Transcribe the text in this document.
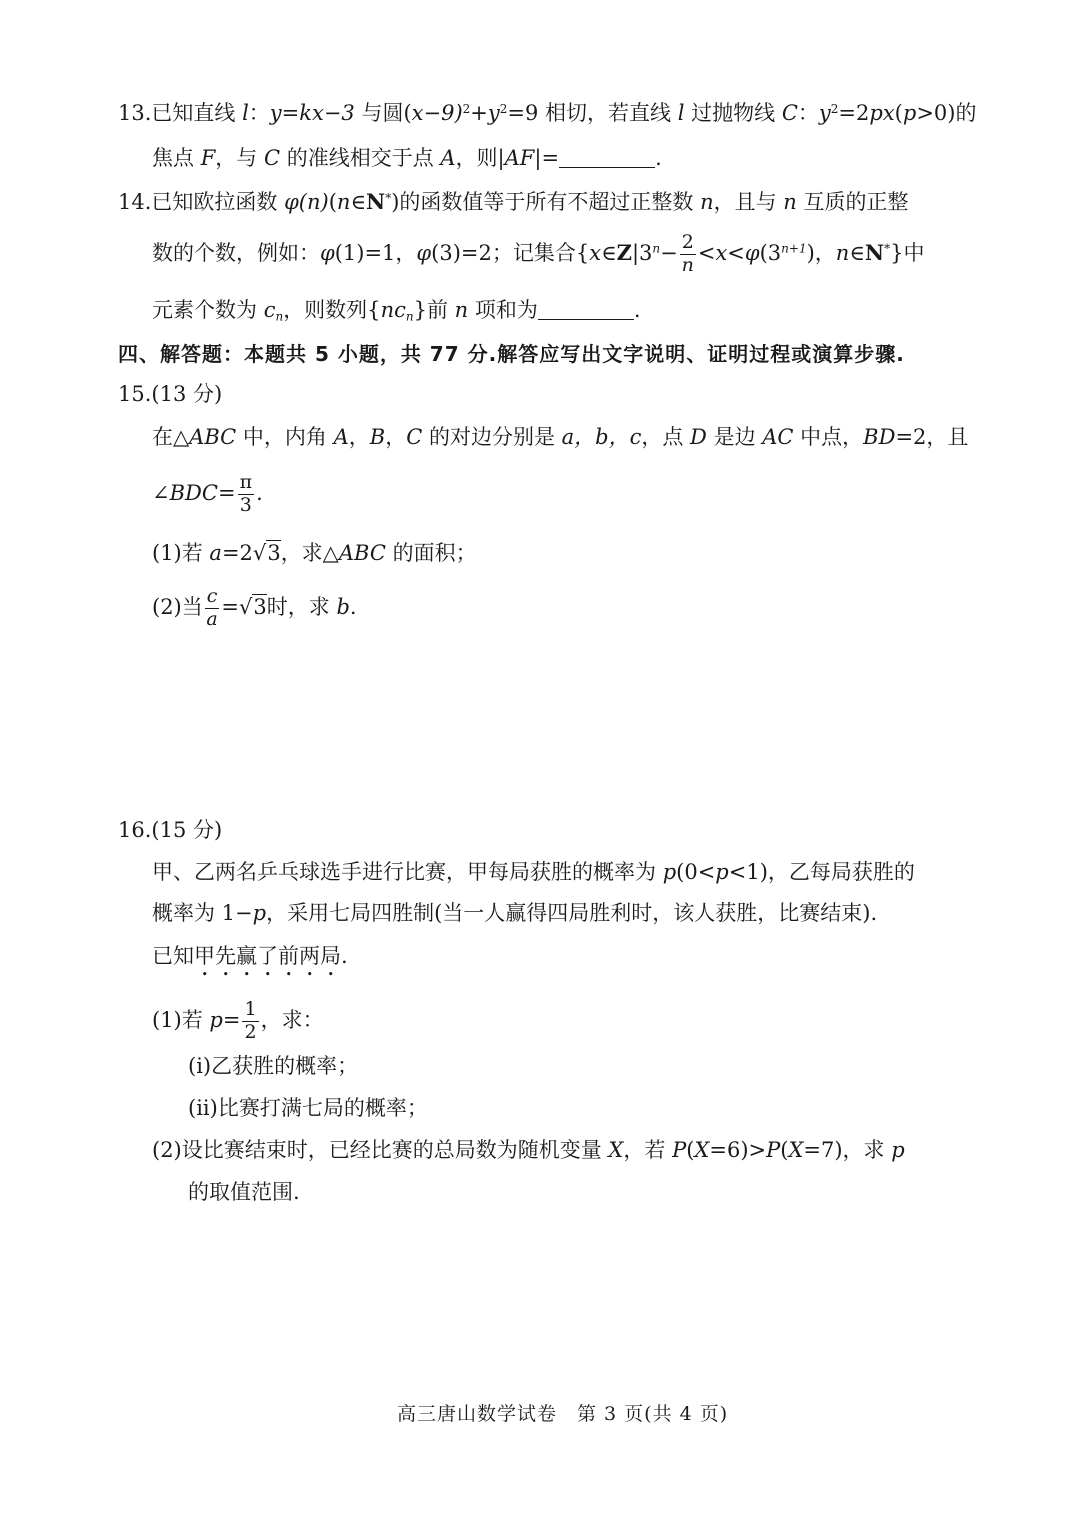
13.已知直线 l：y=kx−3 与圆$(x-9)^2+y^2=9$ 相切，若直线 l 过抛物线 C：$y^2=2px(p>0)$的
焦点 F，与 C 的准线相交于点 A，则|AF|=	.
14.已知欧拉函数 φ(n)(n∈N*)的函数值等于所有不超过正整数 n，且与 n 互质的正整
数的个数，例如：φ(1)=1，φ(3)=2；记集合{$x\in Z|3^n- \frac{2}{n} <x<\varphi(3^{n+1})$，n∈N*}中
元素个数为 $c_n$，则数列$\{nc_n\}$前 n 项和为	.
四、解答题：本题共 5 小题，共 77 分.解答应写出文字说明、证明过程或演算步骤.
15.(13 分)
在△ABC 中，内角 A，B，C 的对边分别是 a，b，c，点 D 是边 AC 中点，BD=2，且
∠BDC= $\frac{\pi}{3}$ .
(1)若 a=2√3，求△ABC 的面积；
(2)当 $\frac{c}{a} =√3$时，求 b.
16.(15 分)
甲、乙两名乒乓球选手进行比赛，甲每局获胜的概率为 p(0<p<1)，乙每局获胜的
概率为 1−p，采用七局四胜制(当一人赢得四局胜利时，该人获胜，比赛结束).
已知甲先赢了前两局.
(1)若 $p= \frac{1}{2}$ ，求：
(i)乙获胜的概率；
(ii)比赛打满七局的概率；
(2)设比赛结束时，已经比赛的总局数为随机变量 X，若 P(X=6)>P(X=7)，求 p
的取值范围.
高三唐山数学试卷　第 3 页(共 4 页)
